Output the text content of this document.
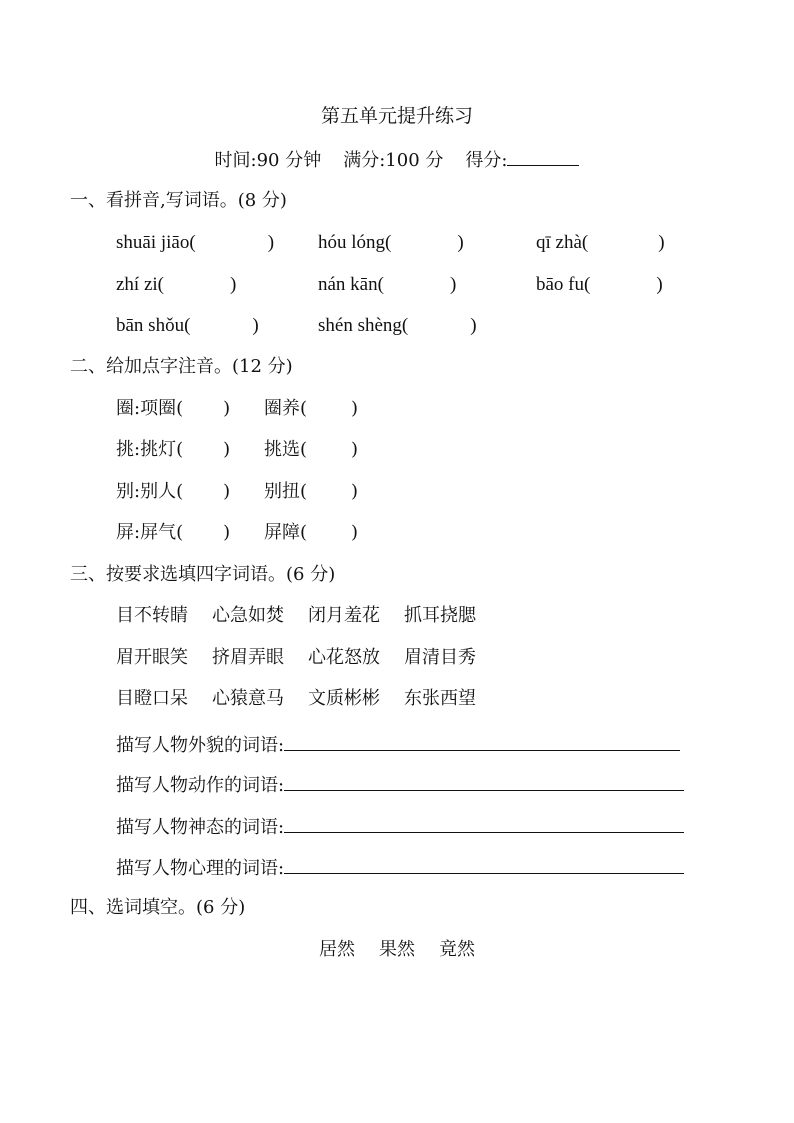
第五单元提升练习
时间:90 分钟 满分:100 分 得分:
一、看拼音,写词语。(8 分)
shuāi jiāo(	) hóu lóng(	)	qī zhà(	)
zhí zi(	)	nán kān(	)	bāo fu(	)
bān shǒu(	)	shén shèng(	)
二、给加点字注音。(12 分)
圈:项圈( ) 圈养( )
挑:挑灯( ) 挑选( )
别:别人( ) 别扭( )
屏:屏气( ) 屏障( )
三、按要求选填四字词语。(6 分)
目不转睛 心急如焚 闭月羞花 抓耳挠腮
眉开眼笑 挤眉弄眼 心花怒放 眉清目秀
目瞪口呆 心猿意马 文质彬彬 东张西望
描写人物外貌的词语:
描写人物动作的词语:
描写人物神态的词语:
描写人物心理的词语:
四、选词填空。(6 分)
居然 果然 竟然
